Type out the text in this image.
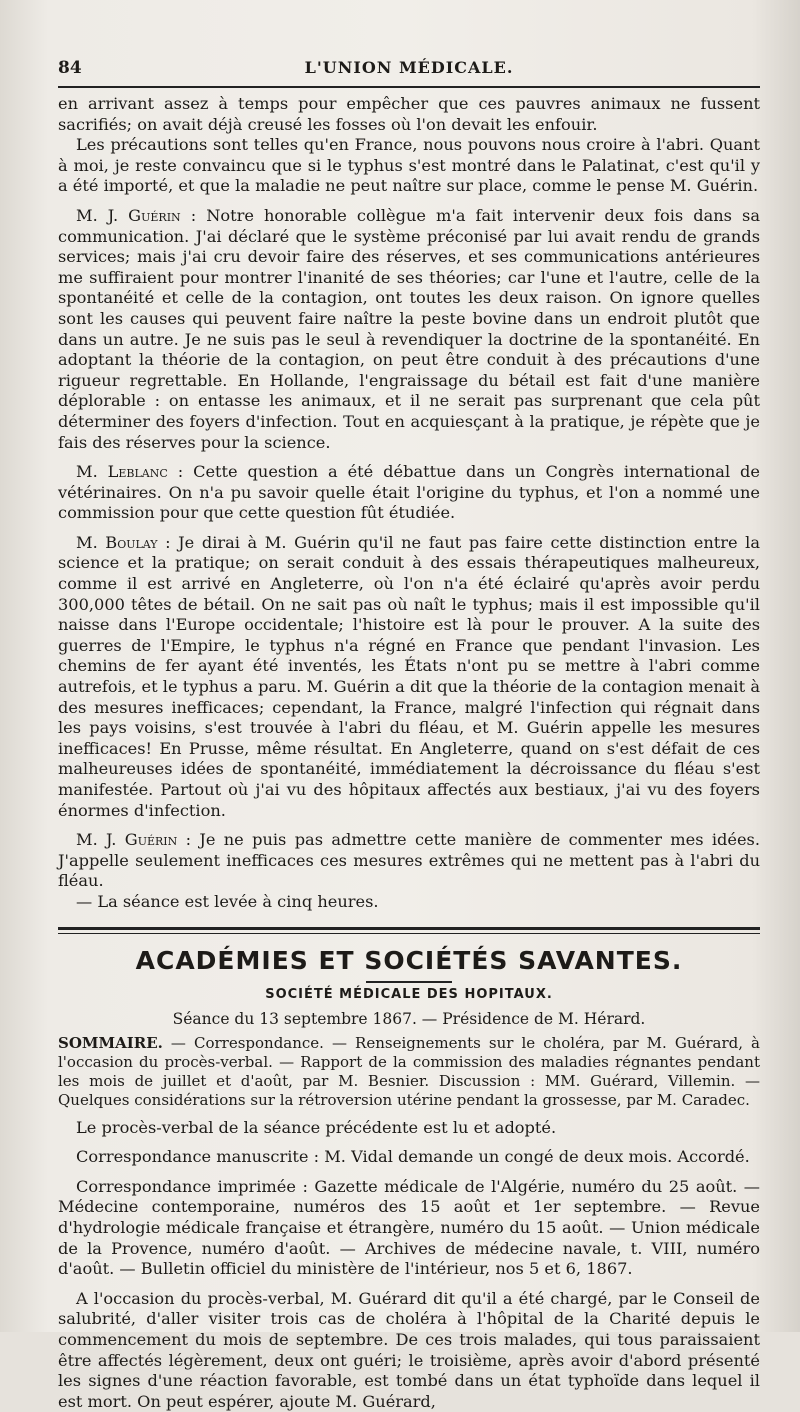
84	L'UNION MÉDICALE.

en arrivant assez à temps pour empêcher que ces pauvres animaux ne fussent sacrifiés; on avait déjà creusé les fosses où l'on devait les enfouir.

Les précautions sont telles qu'en France, nous pouvons nous croire à l'abri. Quant à moi, je reste convaincu que si le typhus s'est montré dans le Palatinat, c'est qu'il y a été importé, et que la maladie ne peut naître sur place, comme le pense M. Guérin.

M. J. Guérin : Notre honorable collègue m'a fait intervenir deux fois dans sa communication. J'ai déclaré que le système préconisé par lui avait rendu de grands services; mais j'ai cru devoir faire des réserves, et ses communications antérieures me suffiraient pour montrer l'inanité de ses théories; car l'une et l'autre, celle de la spontanéité et celle de la contagion, ont toutes les deux raison. On ignore quelles sont les causes qui peuvent faire naître la peste bovine dans un endroit plutôt que dans un autre. Je ne suis pas le seul à revendiquer la doctrine de la spontanéité. En adoptant la théorie de la contagion, on peut être conduit à des précautions d'une rigueur regrettable. En Hollande, l'engraissage du bétail est fait d'une manière déplorable : on entasse les animaux, et il ne serait pas surprenant que cela pût déterminer des foyers d'infection. Tout en acquiesçant à la pratique, je répète que je fais des réserves pour la science.

M. Leblanc : Cette question a été débattue dans un Congrès international de vétérinaires. On n'a pu savoir quelle était l'origine du typhus, et l'on a nommé une commission pour que cette question fût étudiée.

M. Boulay : Je dirai à M. Guérin qu'il ne faut pas faire cette distinction entre la science et la pratique; on serait conduit à des essais thérapeutiques malheureux, comme il est arrivé en Angleterre, où l'on n'a été éclairé qu'après avoir perdu 300,000 têtes de bétail. On ne sait pas où naît le typhus; mais il est impossible qu'il naisse dans l'Europe occidentale; l'histoire est là pour le prouver. A la suite des guerres de l'Empire, le typhus n'a régné en France que pendant l'invasion. Les chemins de fer ayant été inventés, les États n'ont pu se mettre à l'abri comme autrefois, et le typhus a paru. M. Guérin a dit que la théorie de la contagion menait à des mesures inefficaces; cependant, la France, malgré l'infection qui régnait dans les pays voisins, s'est trouvée à l'abri du fléau, et M. Guérin appelle les mesures inefficaces! En Prusse, même résultat. En Angleterre, quand on s'est défait de ces malheureuses idées de spontanéité, immédiatement la décroissance du fléau s'est manifestée. Partout où j'ai vu des hôpitaux affectés aux bestiaux, j'ai vu des foyers énormes d'infection.

M. J. Guérin : Je ne puis pas admettre cette manière de commenter mes idées. J'appelle seulement inefficaces ces mesures extrêmes qui ne mettent pas à l'abri du fléau.

— La séance est levée à cinq heures.

ACADÉMIES ET SOCIÉTÉS SAVANTES.
SOCIÉTÉ MÉDICALE DES HOPITAUX.
Séance du 13 septembre 1867. — Présidence de M. Hérard.
SOMMAIRE. — Correspondance. — Renseignements sur le choléra, par M. Guérard, à l'occasion du procès-verbal. — Rapport de la commission des maladies régnantes pendant les mois de juillet et d'août, par M. Besnier. Discussion : MM. Guérard, Villemin. — Quelques considérations sur la rétroversion utérine pendant la grossesse, par M. Caradec.

Le procès-verbal de la séance précédente est lu et adopté.

Correspondance manuscrite : M. Vidal demande un congé de deux mois. Accordé.

Correspondance imprimée : Gazette médicale de l'Algérie, numéro du 25 août. — Médecine contemporaine, numéros des 15 août et 1er septembre. — Revue d'hydrologie médicale française et étrangère, numéro du 15 août. — Union médicale de la Provence, numéro d'août. — Archives de médecine navale, t. VIII, numéro d'août. — Bulletin officiel du ministère de l'intérieur, nos 5 et 6, 1867.

A l'occasion du procès-verbal, M. Guérard dit qu'il a été chargé, par le Conseil de salubrité, d'aller visiter trois cas de choléra à l'hôpital de la Charité depuis le commencement du mois de septembre. De ces trois malades, qui tous paraissaient être affectés légèrement, deux ont guéri; le troisième, après avoir d'abord présenté les signes d'une réaction favorable, est tombé dans un état typhoïde dans lequel il est mort. On peut espérer, ajoute M. Guérard,
